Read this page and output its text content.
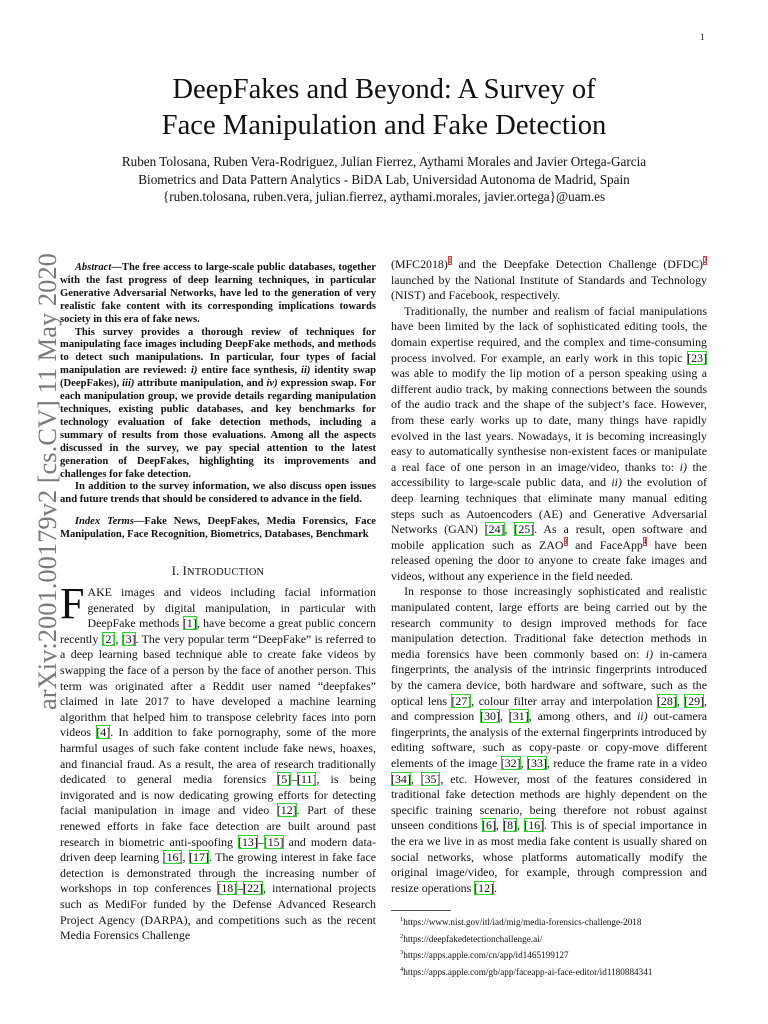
1
arXiv:2001.00179v2 [cs.CV] 11 May 2020
DeepFakes and Beyond: A Survey of
Face Manipulation and Fake Detection
Ruben Tolosana, Ruben Vera-Rodriguez, Julian Fierrez, Aythami Morales and Javier Ortega-Garcia
Biometrics and Data Pattern Analytics - BiDA Lab, Universidad Autonoma de Madrid, Spain
{ruben.tolosana, ruben.vera, julian.fierrez, aythami.morales, javier.ortega}@uam.es

Abstract—The free access to large-scale public databases, together with the fast progress of deep learning techniques, in particular Generative Adversarial Networks, have led to the generation of very realistic fake content with its corresponding implications towards society in this era of fake news.

This survey provides a thorough review of techniques for manipulating face images including DeepFake methods, and methods to detect such manipulations. In particular, four types of facial manipulation are reviewed: i) entire face synthesis, ii) identity swap (DeepFakes), iii) attribute manipulation, and iv) expression swap. For each manipulation group, we provide details regarding manipulation techniques, existing public databases, and key benchmarks for technology evaluation of fake detection methods, including a summary of results from those evaluations. Among all the aspects discussed in the survey, we pay special attention to the latest generation of DeepFakes, highlighting its improvements and challenges for fake detection.

In addition to the survey information, we also discuss open issues and future trends that should be considered to advance in the field.

Index Terms—Fake News, DeepFakes, Media Forensics, Face Manipulation, Face Recognition, Biometrics, Databases, Benchmark

I. INTRODUCTION

FAKE images and videos including facial information generated by digital manipulation, in particular with DeepFake methods [1], have become a great public concern recently [2], [3]. The very popular term “DeepFake” is referred to a deep learning based technique able to create fake videos by swapping the face of a person by the face of another person. This term was originated after a Reddit user named “deepfakes” claimed in late 2017 to have developed a machine learning algorithm that helped him to transpose celebrity faces into porn videos [4]. In addition to fake pornography, some of the more harmful usages of such fake content include fake news, hoaxes, and financial fraud. As a result, the area of research traditionally dedicated to general media forensics [5]–[11], is being invigorated and is now dedicating growing efforts for detecting facial manipulation in image and video [12]. Part of these renewed efforts in fake face detection are built around past research in biometric anti-spoofing [13]–[15] and modern data-driven deep learning [16], [17]. The growing interest in fake face detection is demonstrated through the increasing number of workshops in top conferences [18]–[22], international projects such as MediFor funded by the Defense Advanced Research Project Agency (DARPA), and competitions such as the recent Media Forensics Challenge

(MFC2018)$^1$ and the Deepfake Detection Challenge (DFDC)$^2$ launched by the National Institute of Standards and Technology (NIST) and Facebook, respectively.

Traditionally, the number and realism of facial manipulations have been limited by the lack of sophisticated editing tools, the domain expertise required, and the complex and time-consuming process involved. For example, an early work in this topic [23] was able to modify the lip motion of a person speaking using a different audio track, by making connections between the sounds of the audio track and the shape of the subject’s face. However, from these early works up to date, many things have rapidly evolved in the last years. Nowadays, it is becoming increasingly easy to automatically synthesise non-existent faces or manipulate a real face of one person in an image/video, thanks to: i) the accessibility to large-scale public data, and ii) the evolution of deep learning techniques that eliminate many manual editing steps such as Autoencoders (AE) and Generative Adversarial Networks (GAN) [24], [25]. As a result, open software and mobile application such as ZAO$^3$ and FaceApp$^4$ have been released opening the door to anyone to create fake images and videos, without any experience in the field needed.

In response to those increasingly sophisticated and realistic manipulated content, large efforts are being carried out by the research community to design improved methods for face manipulation detection. Traditional fake detection methods in media forensics have been commonly based on: i) in-camera fingerprints, the analysis of the intrinsic fingerprints introduced by the camera device, both hardware and software, such as the optical lens [27], colour filter array and interpolation [28], [29], and compression [30], [31], among others, and ii) out-camera fingerprints, the analysis of the external fingerprints introduced by editing software, such as copy-paste or copy-move different elements of the image [32], [33], reduce the frame rate in a video [34], [35], etc. However, most of the features considered in traditional fake detection methods are highly dependent on the specific training scenario, being therefore not robust against unseen conditions [6], [8], [16]. This is of special importance in the era we live in as most media fake content is usually shared on social networks, whose platforms automatically modify the original image/video, for example, through compression and resize operations [12].

$^1$https://www.nist.gov/itl/iad/mig/media-forensics-challenge-2018
$^2$https://deepfakedetectionchallenge.ai/
$^3$https://apps.apple.com/cn/app/id1465199127
$^4$https://apps.apple.com/gb/app/faceapp-ai-face-editor/id1180884341
